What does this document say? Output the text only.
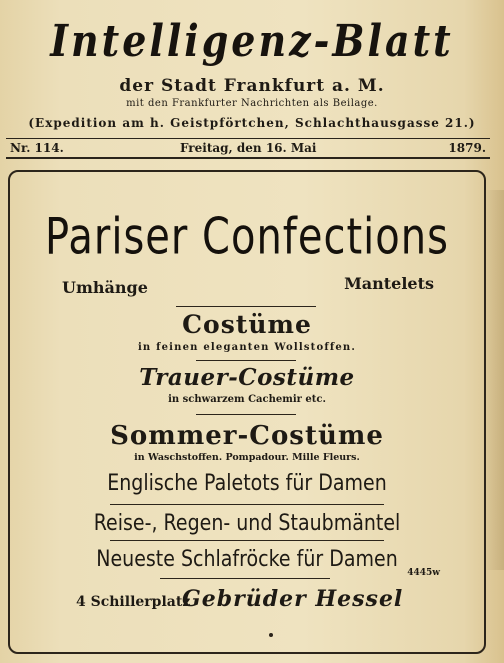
Intelligenz-Blatt
der Stadt Frankfurt a. M.
mit den Frankfurter Nachrichten als Beilage.
(Expedition am h. Geistpförtchen, Schlachthausgasse 21.)
Nr. 114.	Freitag, den 16. Mai	1879.
Pariser Confections
Umhänge	Mantelets
Costüme
in feinen eleganten Wollstoffen.
Trauer-Costüme
in schwarzem Cachemir etc.
Sommer-Costüme
in Waschstoffen. Pompadour. Mille Fleurs.
Englische Paletots für Damen
Reise-, Regen- und Staubmäntel
Neueste Schlafröcke für Damen
4445w
4 Schillerplatz
Gebrüder Hessel
